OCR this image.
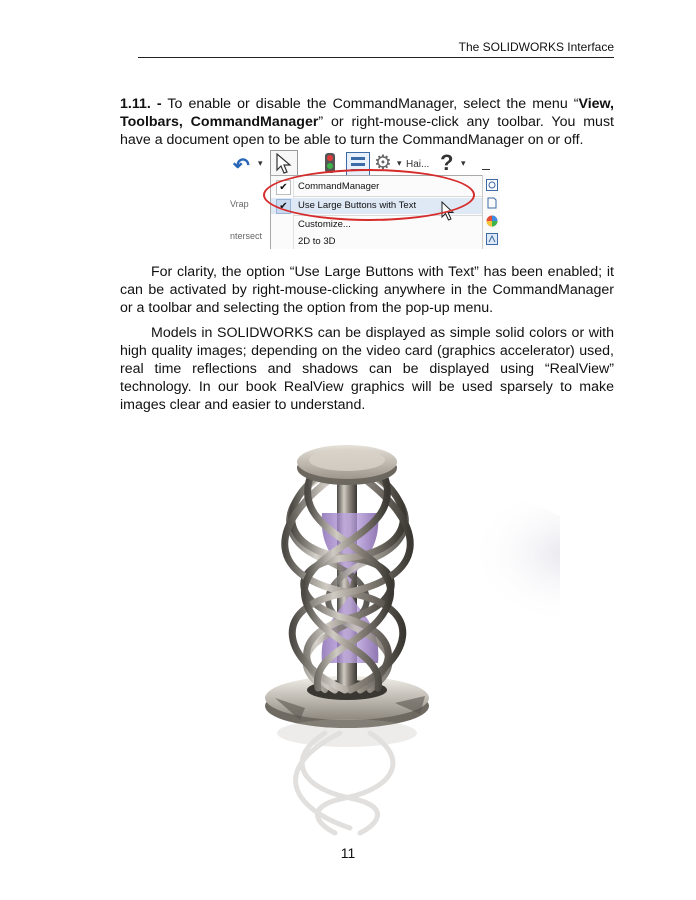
The SOLIDWORKS Interface

1.11. - To enable or disable the CommandManager, select the menu “View, Toolbars, CommandManager” or right-mouse-click any toolbar. You must have a document open to be able to turn the CommandManager on or off.

↶ ▾	⚙ ▾ Hai... ? ▾
Vrap
ntersect
✔	CommandManager
✔	Use Large Buttons with Text
Customize...
2D to 3D

For clarity, the option “Use Large Buttons with Text” has been enabled; it can be activated by right-mouse-clicking anywhere in the CommandManager or a toolbar and selecting the option from the pop-up menu.

Models in SOLIDWORKS can be displayed as simple solid colors or with high quality images; depending on the video card (graphics accelerator) used, real time reflections and shadows can be displayed using “RealView” technology. In our book RealView graphics will be used sparsely to make images clear and easier to understand.

11
